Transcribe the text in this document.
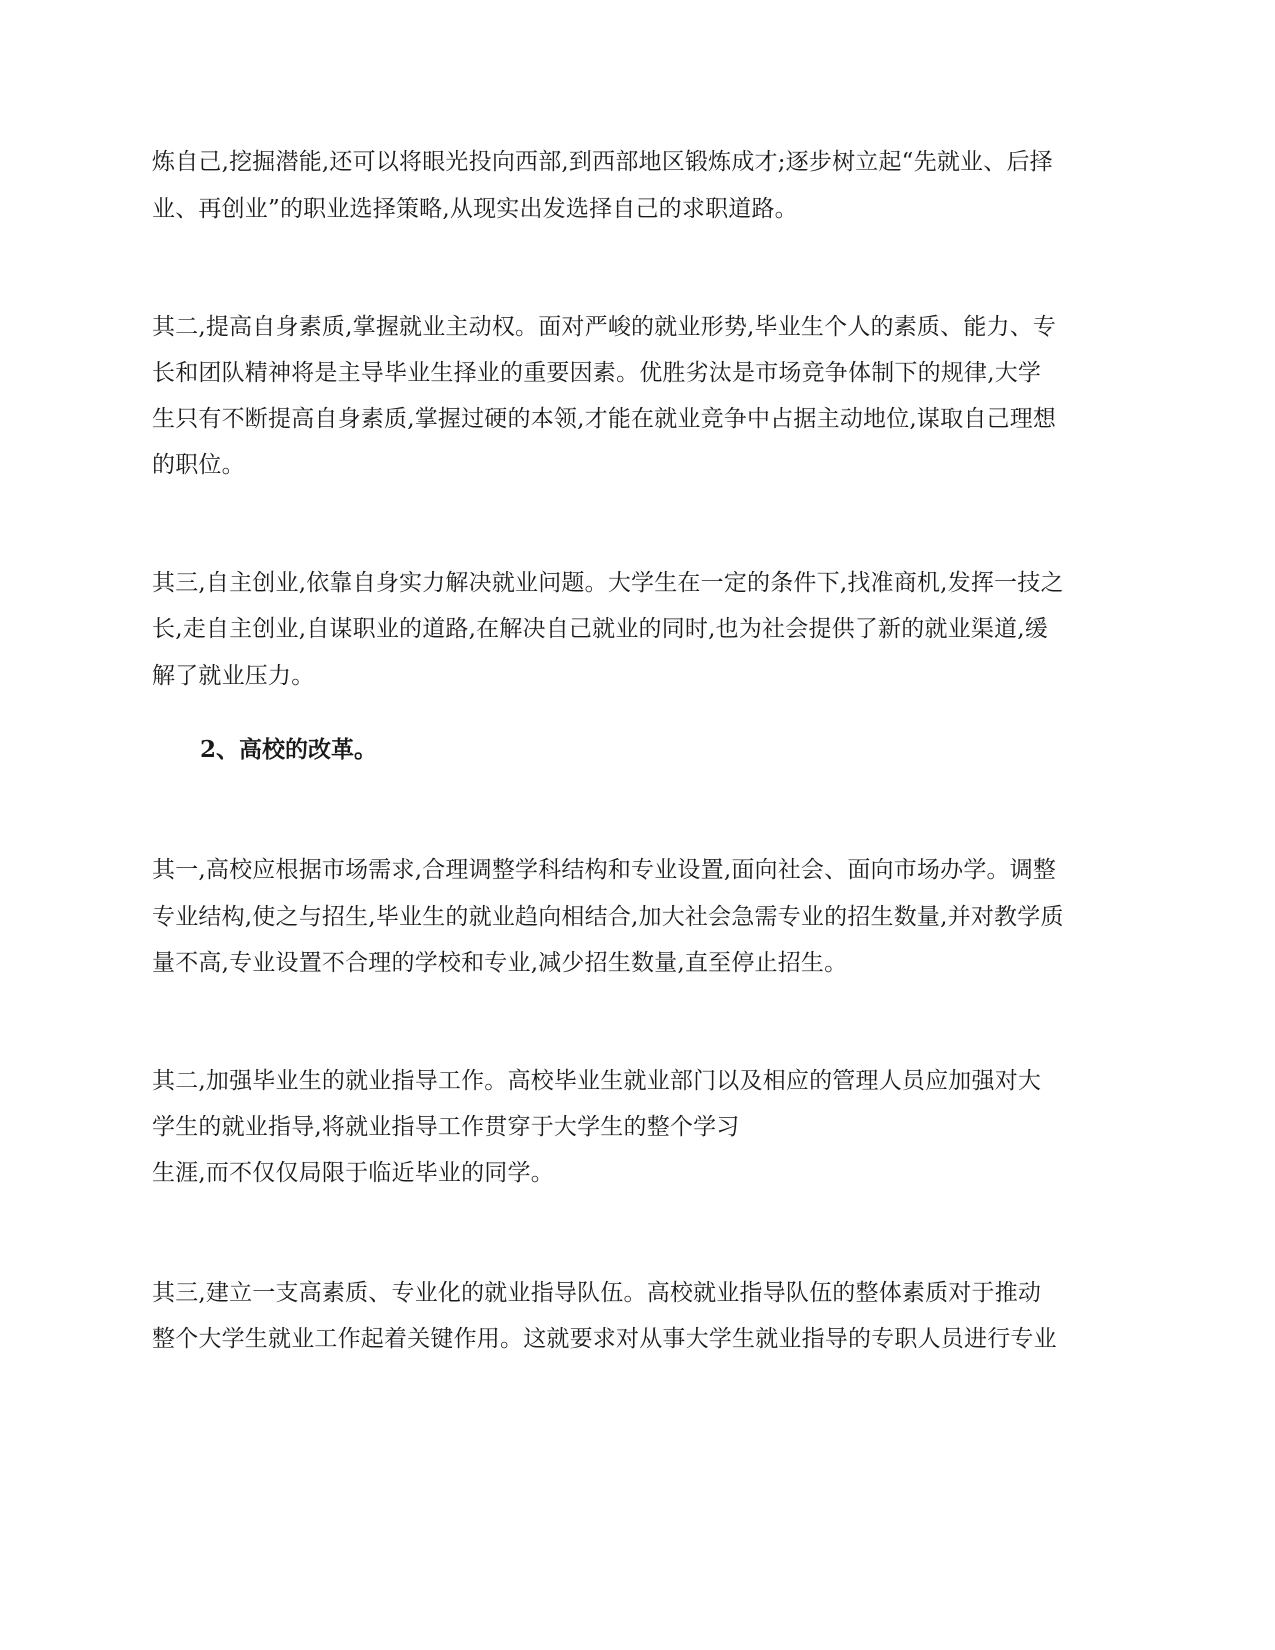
炼自己,挖掘潜能,还可以将眼光投向西部,到西部地区锻炼成才;逐步树立起“先就业、后择
业、再创业”的职业选择策略,从现实出发选择自己的求职道路。
其二,提高自身素质,掌握就业主动权。面对严峻的就业形势,毕业生个人的素质、能力、专
长和团队精神将是主导毕业生择业的重要因素。优胜劣汰是市场竞争体制下的规律,大学
生只有不断提高自身素质,掌握过硬的本领,才能在就业竞争中占据主动地位,谋取自己理想
的职位。
其三,自主创业,依靠自身实力解决就业问题。大学生在一定的条件下,找准商机,发挥一技之
长,走自主创业,自谋职业的道路,在解决自己就业的同时,也为社会提供了新的就业渠道,缓
解了就业压力。
2、高校的改革。
其一,高校应根据市场需求,合理调整学科结构和专业设置,面向社会、面向市场办学。调整
专业结构,使之与招生,毕业生的就业趋向相结合,加大社会急需专业的招生数量,并对教学质
量不高,专业设置不合理的学校和专业,减少招生数量,直至停止招生。
其二,加强毕业生的就业指导工作。高校毕业生就业部门以及相应的管理人员应加强对大
学生的就业指导,将就业指导工作贯穿于大学生的整个学习
生涯,而不仅仅局限于临近毕业的同学。
其三,建立一支高素质、专业化的就业指导队伍。高校就业指导队伍的整体素质对于推动
整个大学生就业工作起着关键作用。这就要求对从事大学生就业指导的专职人员进行专业
